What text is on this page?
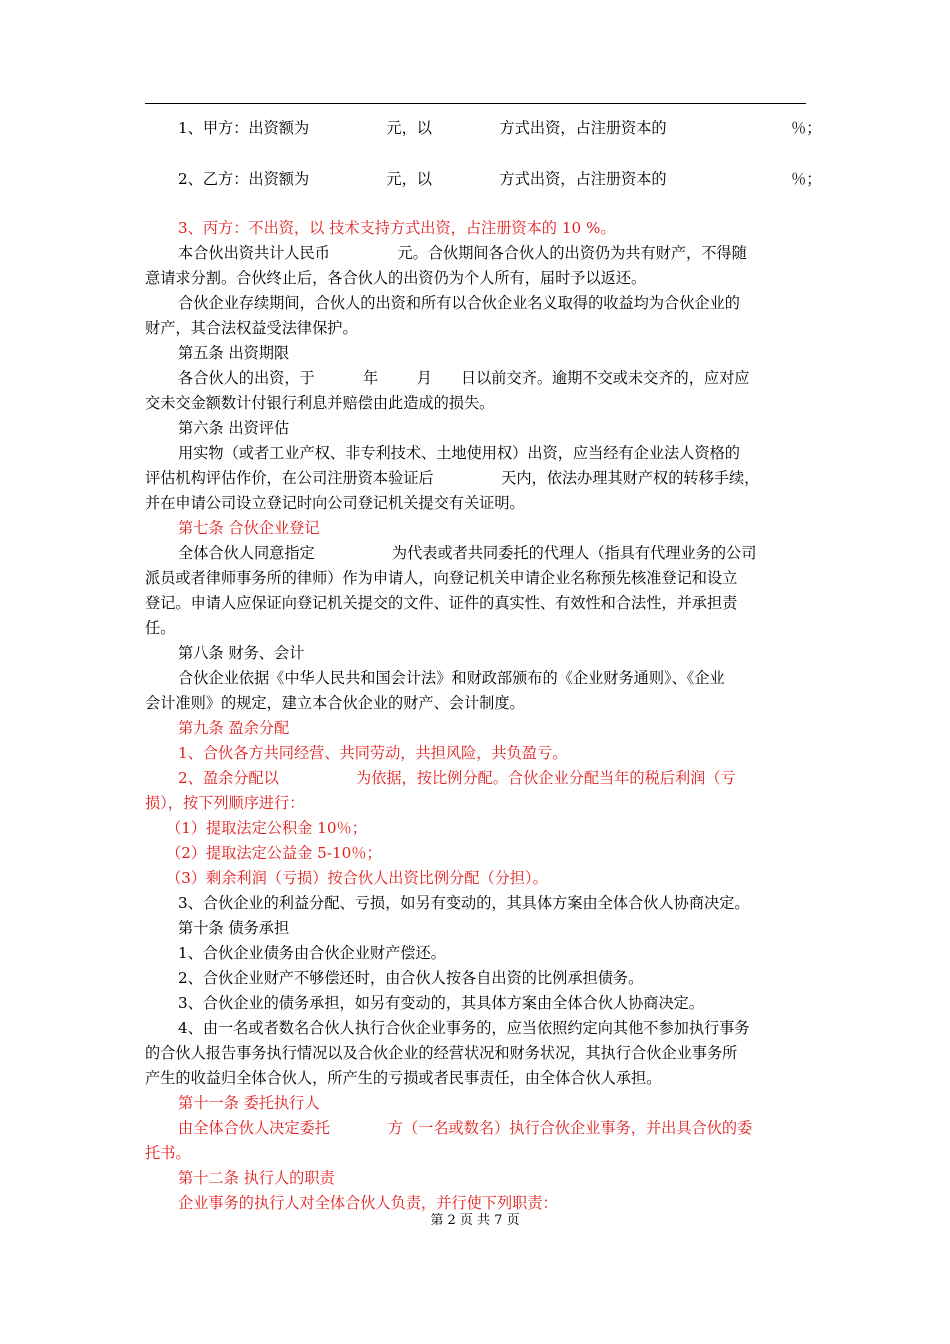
1、甲方：出资额为                元，以              方式出资，占注册资本的	％；
2、乙方：出资额为                元，以              方式出资，占注册资本的	％；
3、丙方：不出资，以 技术支持方式出资，占注册资本的 10 %。
本合伙出资共计人民币              元。合伙期间各合伙人的出资仍为共有财产，不得随
意请求分割。合伙终止后，各合伙人的出资仍为个人所有，届时予以返还。
合伙企业存续期间，合伙人的出资和所有以合伙企业名义取得的收益均为合伙企业的
财产，其合法权益受法律保护。
第五条 出资期限
各合伙人的出资，于          年        月      日以前交齐。逾期不交或未交齐的，应对应
交未交金额数计付银行利息并赔偿由此造成的损失。
第六条 出资评估
用实物（或者工业产权、非专利技术、土地使用权）出资，应当经有企业法人资格的
评估机构评估作价，在公司注册资本验证后              天内，依法办理其财产权的转移手续，
并在申请公司设立登记时向公司登记机关提交有关证明。
第七条 合伙企业登记
全体合伙人同意指定                为代表或者共同委托的代理人（指具有代理业务的公司
派员或者律师事务所的律师）作为申请人，向登记机关申请企业名称预先核准登记和设立
登记。申请人应保证向登记机关提交的文件、证件的真实性、有效性和合法性，并承担责
任。
第八条 财务、会计
合伙企业依据《中华人民共和国会计法》和财政部颁布的《企业财务通则》、《企业
会计准则》的规定，建立本合伙企业的财产、会计制度。
第九条 盈余分配
1、合伙各方共同经营、共同劳动，共担风险，共负盈亏。
2、盈余分配以                为依据，按比例分配。合伙企业分配当年的税后利润（亏
损），按下列顺序进行：
（1）提取法定公积金 10％；
（2）提取法定公益金 5-10％；
（3）剩余利润（亏损）按合伙人出资比例分配（分担）。
3、合伙企业的利益分配、亏损，如另有变动的，其具体方案由全体合伙人协商决定。
第十条 债务承担
1、合伙企业债务由合伙企业财产偿还。
2、合伙企业财产不够偿还时，由合伙人按各自出资的比例承担债务。
3、合伙企业的债务承担，如另有变动的，其具体方案由全体合伙人协商决定。
4、由一名或者数名合伙人执行合伙企业事务的，应当依照约定向其他不参加执行事务
的合伙人报告事务执行情况以及合伙企业的经营状况和财务状况，其执行合伙企业事务所
产生的收益归全体合伙人，所产生的亏损或者民事责任，由全体合伙人承担。
第十一条 委托执行人
由全体合伙人决定委托            方（一名或数名）执行合伙企业事务，并出具合伙的委
托书。
第十二条 执行人的职责
企业事务的执行人对全体合伙人负责，并行使下列职责：
第 2 页 共 7 页
